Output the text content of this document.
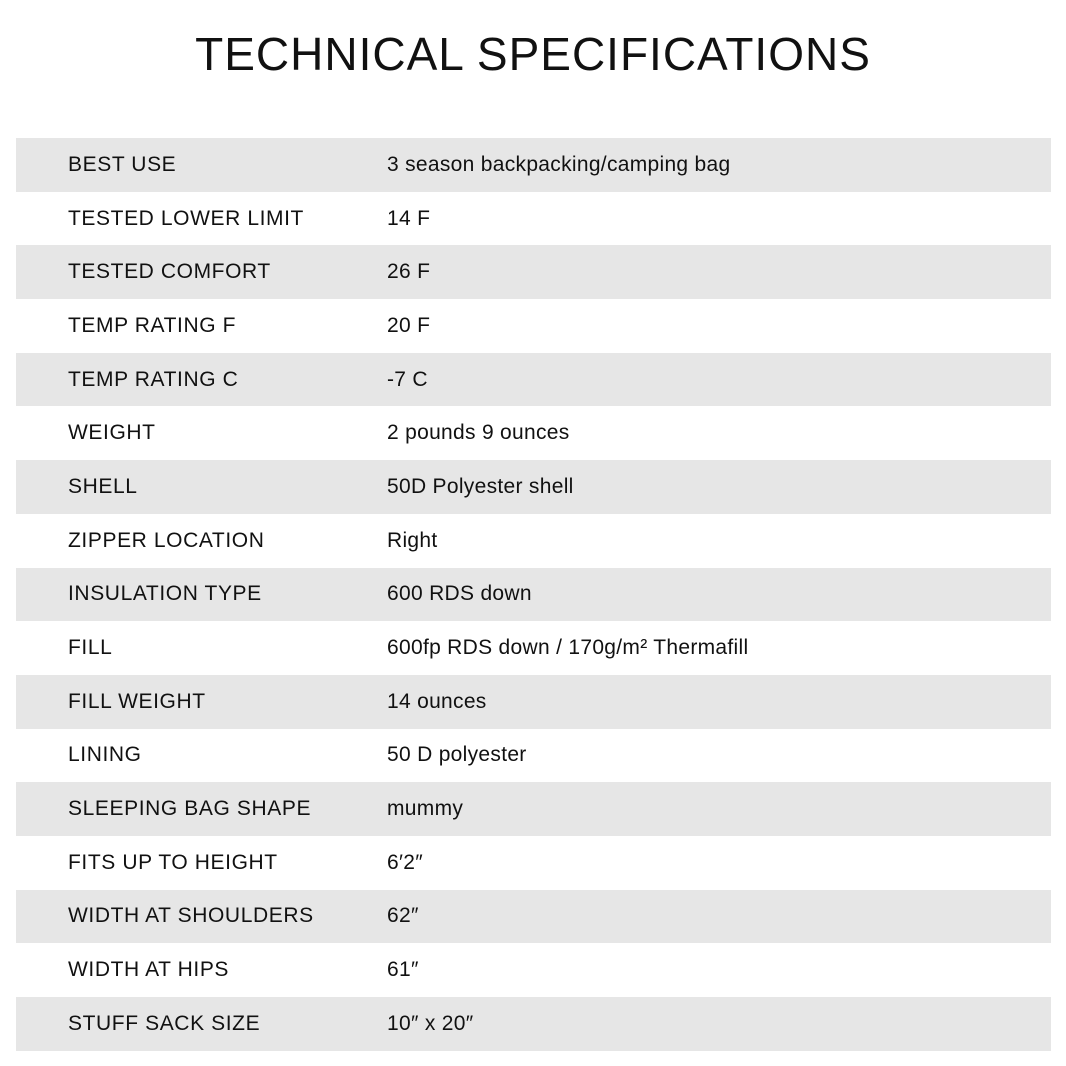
TECHNICAL SPECIFICATIONS
BEST USE	3 season backpacking/camping bag
TESTED LOWER LIMIT	14 F
TESTED COMFORT	26 F
TEMP RATING F	20 F
TEMP RATING C	-7 C
WEIGHT	2 pounds 9 ounces
SHELL	50D Polyester shell
ZIPPER LOCATION	Right
INSULATION TYPE	600 RDS down
FILL	600fp RDS down / 170g/m² Thermafill
FILL WEIGHT	14 ounces
LINING	50 D polyester
SLEEPING BAG SHAPE	mummy
FITS UP TO HEIGHT	6′2″
WIDTH AT SHOULDERS	62″
WIDTH AT HIPS	61″
STUFF SACK SIZE	10″ x 20″
